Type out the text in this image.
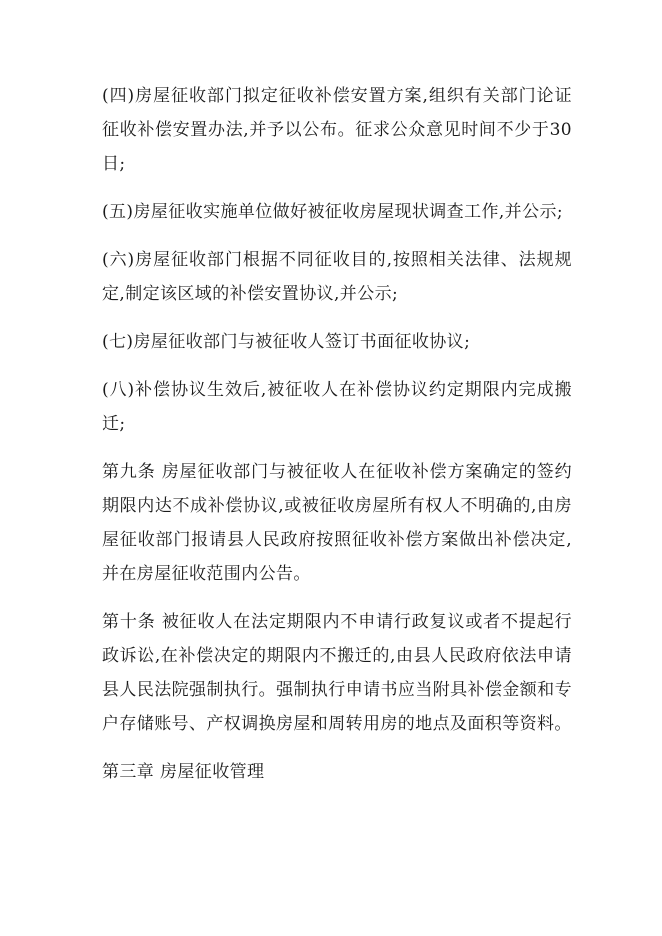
(四)房屋征收部门拟定征收补偿安置方案,组织有关部门论证征收补偿安置办法,并予以公布。征求公众意见时间不少于30日;

(五)房屋征收实施单位做好被征收房屋现状调查工作,并公示;

(六)房屋征收部门根据不同征收目的,按照相关法律、法规规定,制定该区域的补偿安置协议,并公示;

(七)房屋征收部门与被征收人签订书面征收协议;

(八)补偿协议生效后,被征收人在补偿协议约定期限内完成搬迁;

第九条 房屋征收部门与被征收人在征收补偿方案确定的签约期限内达不成补偿协议,或被征收房屋所有权人不明确的,由房屋征收部门报请县人民政府按照征收补偿方案做出补偿决定,并在房屋征收范围内公告。

第十条 被征收人在法定期限内不申请行政复议或者不提起行政诉讼,在补偿决定的期限内不搬迁的,由县人民政府依法申请县人民法院强制执行。强制执行申请书应当附具补偿金额和专户存储账号、产权调换房屋和周转用房的地点及面积等资料。

第三章 房屋征收管理
